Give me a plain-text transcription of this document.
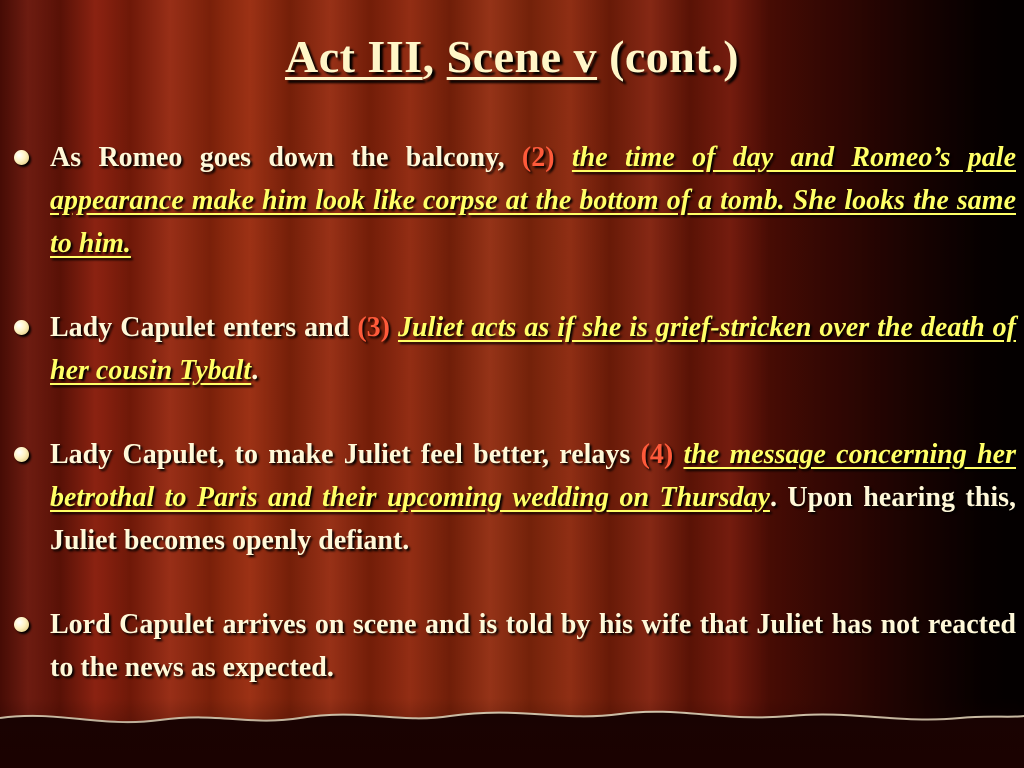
Act III, Scene v (cont.)
As Romeo goes down the balcony, (2) the time of day and Romeo’s pale appearance make him look like corpse at the bottom of a tomb. She looks the same to him.
Lady Capulet enters and (3) Juliet acts as if she is grief-stricken over the death of her cousin Tybalt.
Lady Capulet, to make Juliet feel better, relays (4) the message concerning her betrothal to Paris and their upcoming wedding on Thursday. Upon hearing this, Juliet becomes openly defiant.
Lord Capulet arrives on scene and is told by his wife that Juliet has not reacted to the news as expected.
